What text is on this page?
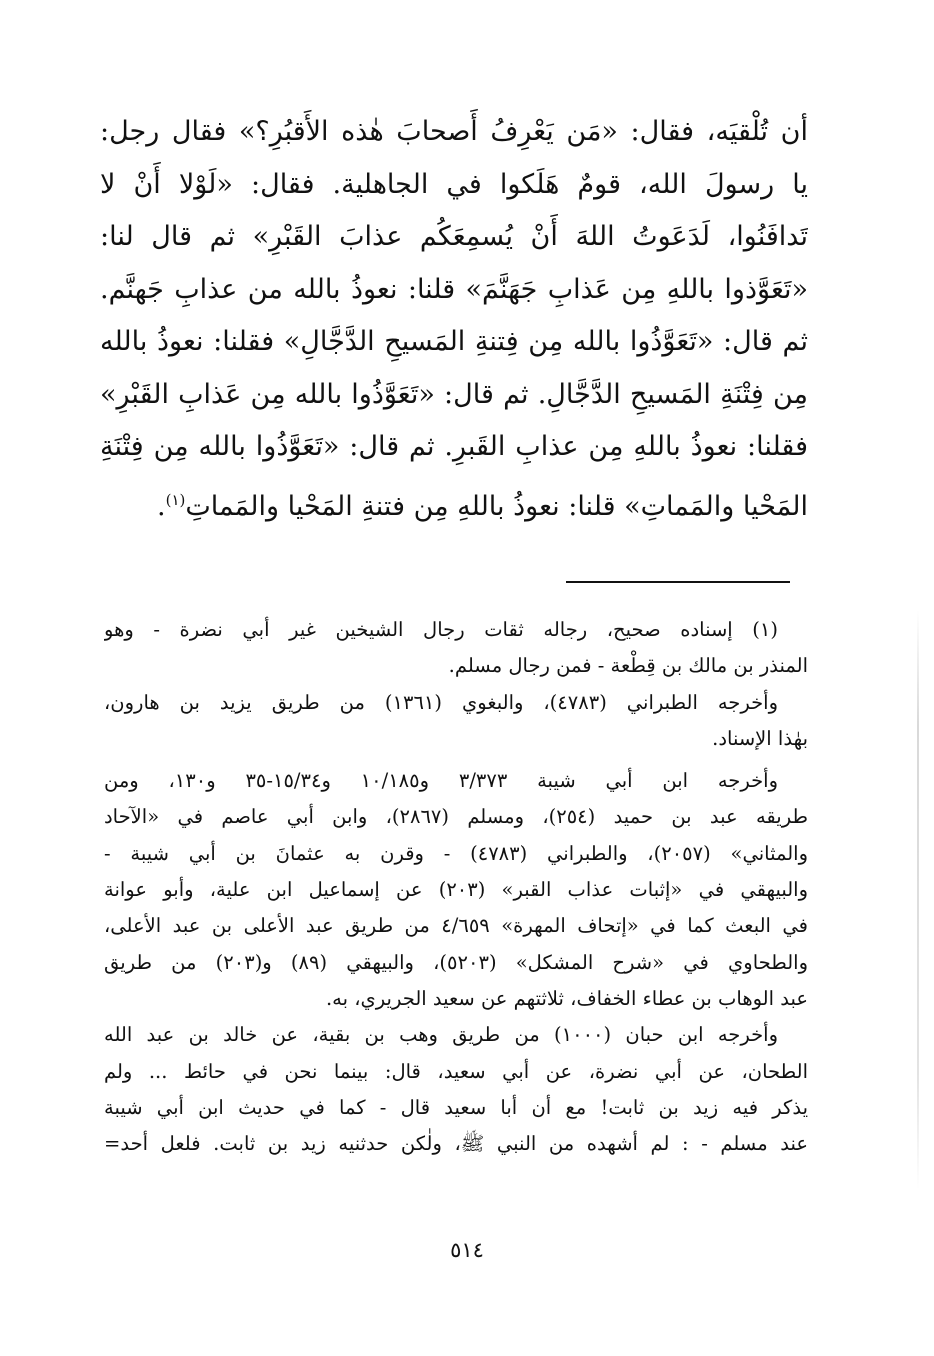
أن تُلْقيَه، فقال: «مَن يَعْرِفُ أَصحابَ هٰذه الأَقبُرِ؟» فقال رجل:
يا رسولَ الله، قومٌ هَلَكوا في الجاهلية. فقال: «لَوْلا أَنْ لا
تَدافَنُوا، لَدَعَوتُ اللهَ أَنْ يُسمِعَكُم عذابَ القَبْرِ» ثم قال لنا:
«تَعَوَّذوا باللهِ مِن عَذابِ جَهَنَّمَ» قلنا: نعوذُ بالله من عذابِ جَهنَّم.
ثم قال: «تَعَوَّذُوا بالله مِن فِتنةِ المَسيحِ الدَّجَّالِ» فقلنا: نعوذُ بالله
مِن فِتْنَةِ المَسيحِ الدَّجَّالِ. ثم قال: «تَعَوَّذُوا بالله مِن عَذابِ القَبْرِ»
فقلنا: نعوذُ باللهِ مِن عذابِ القَبرِ. ثم قال: «تَعَوَّذُوا بالله مِن فِتْنَةِ
المَحْيا والمَماتِ» قلنا: نعوذُ باللهِ مِن فتنةِ المَحْيا والمَماتِ$^{(١)}$.
(١) إسناده صحيح، رجاله ثقات رجال الشيخين غير أبي نضرة - وهو
المنذر بن مالك بن قِطْعة - فمن رجال مسلم.
وأخرجه الطبراني (٤٧٨٣)، والبغوي (١٣٦١) من طريق يزيد بن هارون،
بهٰذا الإسناد.
وأخرجه ابن أبي شيبة ٣/٣٧٣ و١٠/١٨٥ و١٥/٣٤-٣٥ و١٣٠، ومن
طريقه عبد بن حميد (٢٥٤)، ومسلم (٢٨٦٧)، وابن أبي عاصم في «الآحاد
والمثاني» (٢٠٥٧)، والطبراني (٤٧٨٣) - وقرن به عثمانَ بن أبي شيبة -
والبيهقي في «إثبات عذاب القبر» (٢٠٣) عن إسماعيل ابن علية، وأبو عوانة
في البعث كما في «إتحاف المهرة» ٤/٦٥٩ من طريق عبد الأعلى بن عبد الأعلى،
والطحاوي في «شرح المشكل» (٥٢٠٣)، والبيهقي (٨٩) و(٢٠٣) من طريق
عبد الوهاب بن عطاء الخفاف، ثلاثتهم عن سعيد الجريري، به.
وأخرجه ابن حبان (١٠٠٠) من طريق وهب بن بقية، عن خالد بن عبد الله
الطحان، عن أبي نضرة، عن أبي سعيد، قال: بينما نحن في حائط ... ولم
يذكر فيه زيد بن ثابت! مع أن أبا سعيد قال - كما في حديث ابن أبي شيبة
عند مسلم - : لم أشهده من النبي ﷺ، ولٰكن حدثنيه زيد بن ثابت. فلعل أحد=
٥١٤
